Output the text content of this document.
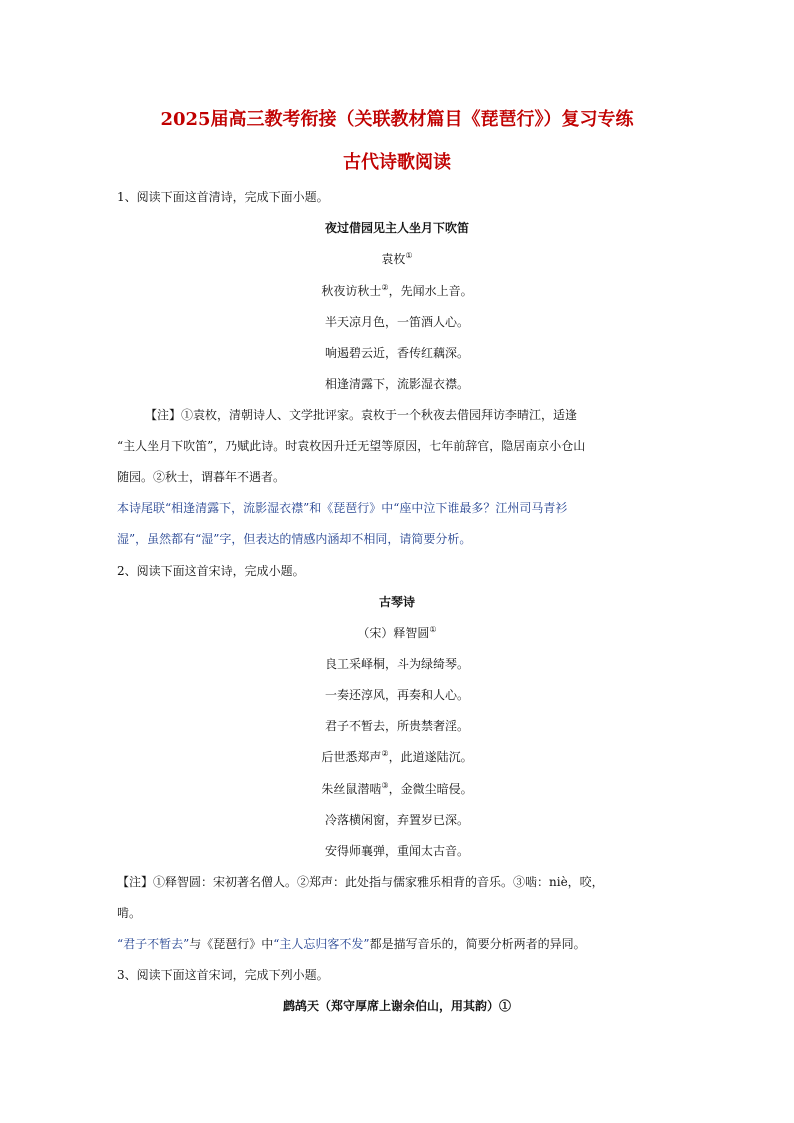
2025届高三教考衔接（关联教材篇目《琵琶行》）复习专练
古代诗歌阅读
1、阅读下面这首清诗，完成下面小题。
夜过借园见主人坐月下吹笛
袁枚①
秋夜访秋士②，先闻水上音。
半天凉月色，一笛酒人心。
响遏碧云近，香传红藕深。
相逢清露下，流影湿衣襟。
【注】①袁枚，清朝诗人、文学批评家。袁枚于一个秋夜去借园拜访李晴江，适逢
“主人坐月下吹笛”，乃赋此诗。时袁枚因升迁无望等原因，七年前辞官，隐居南京小仓山
随园。②秋士，谓暮年不遇者。
本诗尾联“相逢清露下，流影湿衣襟”和《琵琶行》中“座中泣下谁最多？江州司马青衫
湿”，虽然都有“湿”字，但表达的情感内涵却不相同，请简要分析。
2、阅读下面这首宋诗，完成小题。
古琴诗
（宋）释智圆①
良工采峄桐，斗为绿绮琴。
一奏还淳风，再奏和人心。
君子不暂去，所贵禁奢淫。
后世悉郑声②，此道遂陆沉。
朱丝鼠潜啮③，金微尘暗侵。
冷落横闲窗，弃置岁已深。
安得师襄弹，重闻太古音。
【注】①释智圆：宋初著名僧人。②郑声：此处指与儒家雅乐相背的音乐。③啮：niè，咬，
啃。
“君子不暂去”与《琵琶行》中“主人忘归客不发”都是描写音乐的，简要分析两者的异同。
3、阅读下面这首宋词，完成下列小题。
鹧鸪天（郑守厚席上谢余伯山，用其韵）①
